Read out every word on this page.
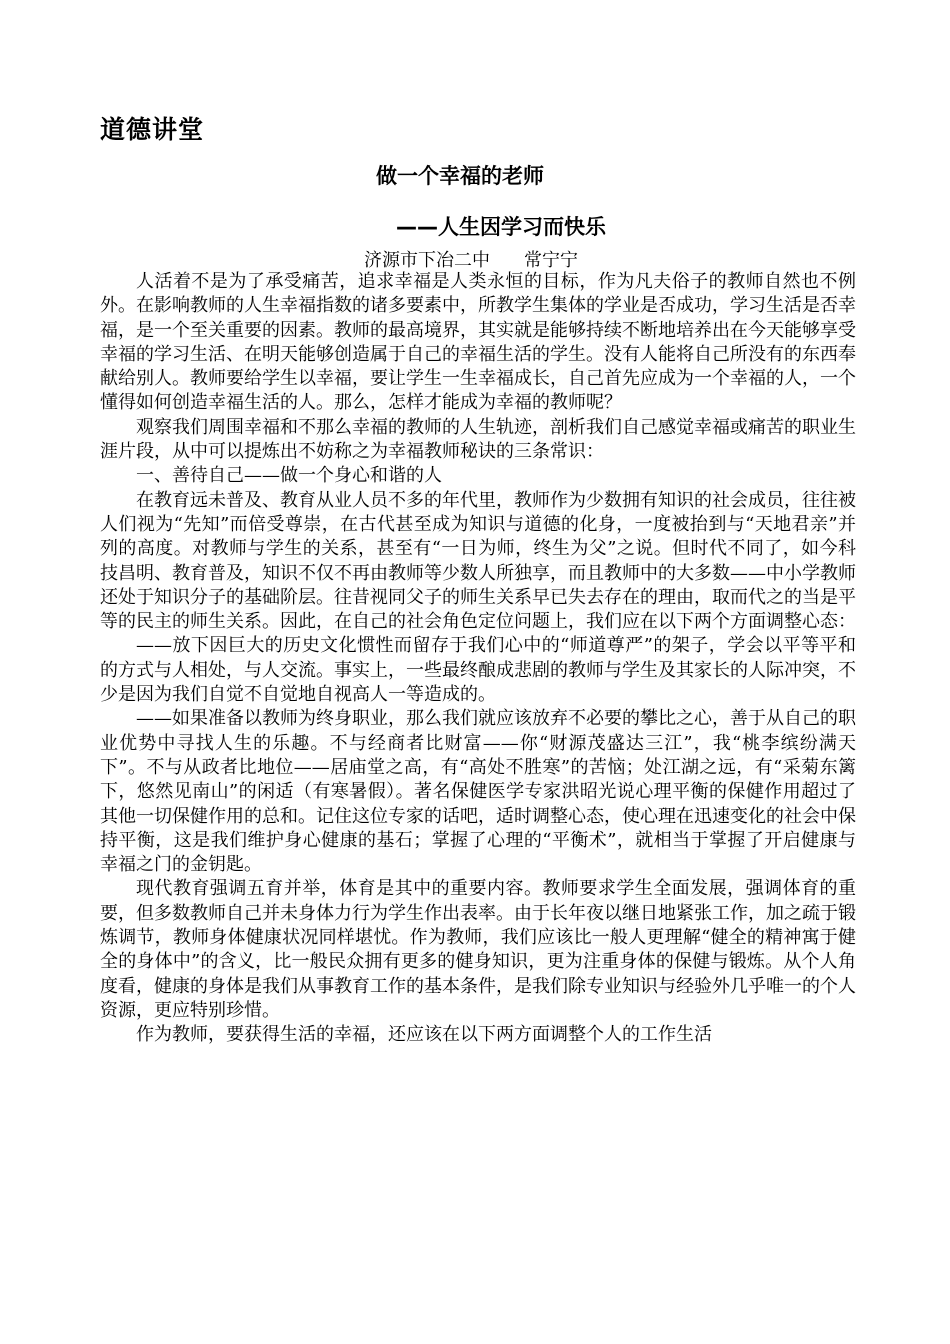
道德讲堂
做一个幸福的老师
——人生因学习而快乐
济源市下冶二中 常宁宁

人活着不是为了承受痛苦，追求幸福是人类永恒的目标，作为凡夫俗子的教师自然也不例外。在影响教师的人生幸福指数的诸多要素中，所教学生集体的学业是否成功，学习生活是否幸福，是一个至关重要的因素。教师的最高境界，其实就是能够持续不断地培养出在今天能够享受幸福的学习生活、在明天能够创造属于自己的幸福生活的学生。没有人能将自己所没有的东西奉献给别人。教师要给学生以幸福，要让学生一生幸福成长，自己首先应成为一个幸福的人，一个懂得如何创造幸福生活的人。那么，怎样才能成为幸福的教师呢？

观察我们周围幸福和不那么幸福的教师的人生轨迹，剖析我们自己感觉幸福或痛苦的职业生涯片段，从中可以提炼出不妨称之为幸福教师秘诀的三条常识：

一、善待自己——做一个身心和谐的人

在教育远未普及、教育从业人员不多的年代里，教师作为少数拥有知识的社会成员，往往被人们视为“先知”而倍受尊崇，在古代甚至成为知识与道德的化身，一度被抬到与“天地君亲”并列的高度。对教师与学生的关系，甚至有“一日为师，终生为父”之说。但时代不同了，如今科技昌明、教育普及，知识不仅不再由教师等少数人所独享，而且教师中的大多数——中小学教师还处于知识分子的基础阶层。往昔视同父子的师生关系早已失去存在的理由，取而代之的当是平等的民主的师生关系。因此，在自己的社会角色定位问题上，我们应在以下两个方面调整心态：

——放下因巨大的历史文化惯性而留存于我们心中的“师道尊严”的架子，学会以平等平和的方式与人相处，与人交流。事实上，一些最终酿成悲剧的教师与学生及其家长的人际冲突，不少是因为我们自觉不自觉地自视高人一等造成的。

——如果准备以教师为终身职业，那么我们就应该放弃不必要的攀比之心，善于从自己的职业优势中寻找人生的乐趣。不与经商者比财富——你“财源茂盛达三江”，我“桃李缤纷满天下”。不与从政者比地位——居庙堂之高，有“高处不胜寒”的苦恼；处江湖之远，有“采菊东篱下，悠然见南山”的闲适（有寒暑假）。著名保健医学专家洪昭光说心理平衡的保健作用超过了其他一切保健作用的总和。记住这位专家的话吧，适时调整心态，使心理在迅速变化的社会中保持平衡，这是我们维护身心健康的基石；掌握了心理的“平衡术”，就相当于掌握了开启健康与幸福之门的金钥匙。

现代教育强调五育并举，体育是其中的重要内容。教师要求学生全面发展，强调体育的重要，但多数教师自己并未身体力行为学生作出表率。由于长年夜以继日地紧张工作，加之疏于锻炼调节，教师身体健康状况同样堪忧。作为教师，我们应该比一般人更理解“健全的精神寓于健全的身体中”的含义，比一般民众拥有更多的健身知识，更为注重身体的保健与锻炼。从个人角度看，健康的身体是我们从事教育工作的基本条件，是我们除专业知识与经验外几乎唯一的个人资源，更应特别珍惜。

作为教师，要获得生活的幸福，还应该在以下两方面调整个人的工作生活
